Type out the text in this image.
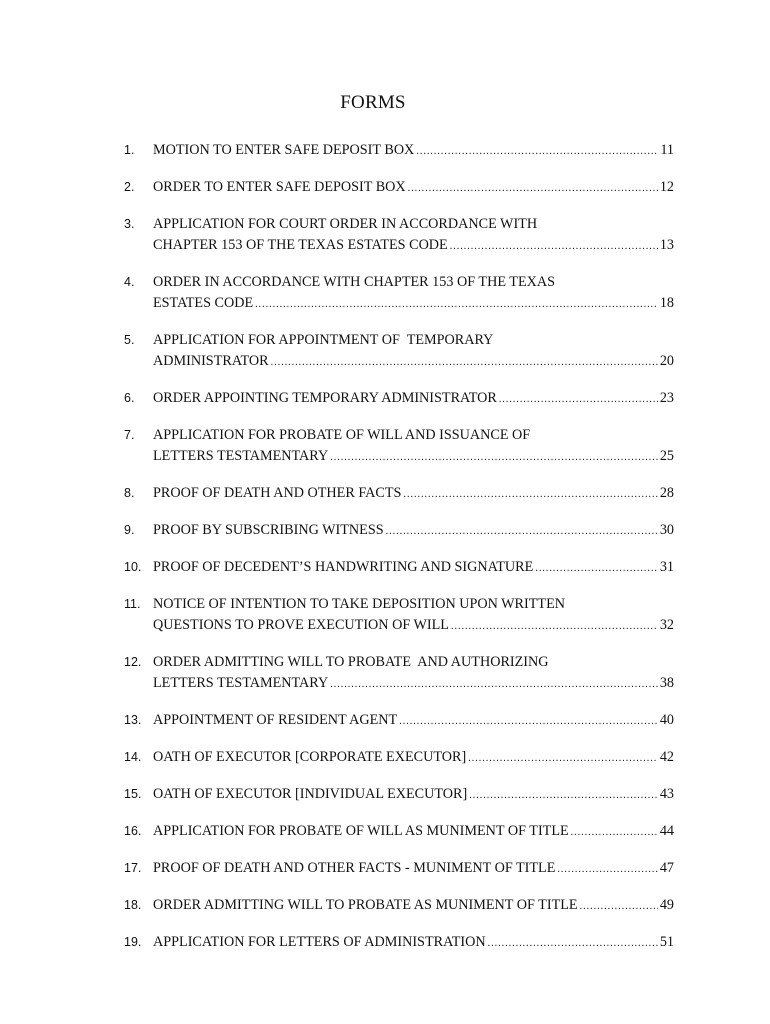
FORMS
1.	MOTION TO ENTER SAFE DEPOSIT BOX .....	11
2.	ORDER TO ENTER SAFE DEPOSIT BOX .....	12
3.	APPLICATION FOR COURT ORDER IN ACCORDANCE WITH
CHAPTER 153 OF THE TEXAS ESTATES CODE .....	13
4.	ORDER IN ACCORDANCE WITH CHAPTER 153 OF THE TEXAS
ESTATES CODE .....	18
5.	APPLICATION FOR APPOINTMENT OF  TEMPORARY
ADMINISTRATOR .....	20
6.	ORDER APPOINTING TEMPORARY ADMINISTRATOR .....	23
7.	APPLICATION FOR PROBATE OF WILL AND ISSUANCE OF
LETTERS TESTAMENTARY .....	25
8.	PROOF OF DEATH AND OTHER FACTS .....	28
9.	PROOF BY SUBSCRIBING WITNESS .....	30
10. PROOF OF DECEDENT’S HANDWRITING AND SIGNATURE .....	31
11. NOTICE OF INTENTION TO TAKE DEPOSITION UPON WRITTEN
QUESTIONS TO PROVE EXECUTION OF WILL .....	32
12. ORDER ADMITTING WILL TO PROBATE  AND AUTHORIZING
LETTERS TESTAMENTARY .....	38
13. APPOINTMENT OF RESIDENT AGENT .....	40
14. OATH OF EXECUTOR [CORPORATE EXECUTOR] .....	42
15. OATH OF EXECUTOR [INDIVIDUAL EXECUTOR] .....	43
16. APPLICATION FOR PROBATE OF WILL AS MUNIMENT OF TITLE .....	44
17. PROOF OF DEATH AND OTHER FACTS - MUNIMENT OF TITLE .....	47
18. ORDER ADMITTING WILL TO PROBATE AS MUNIMENT OF TITLE .....	49
19. APPLICATION FOR LETTERS OF ADMINISTRATION .....	51
